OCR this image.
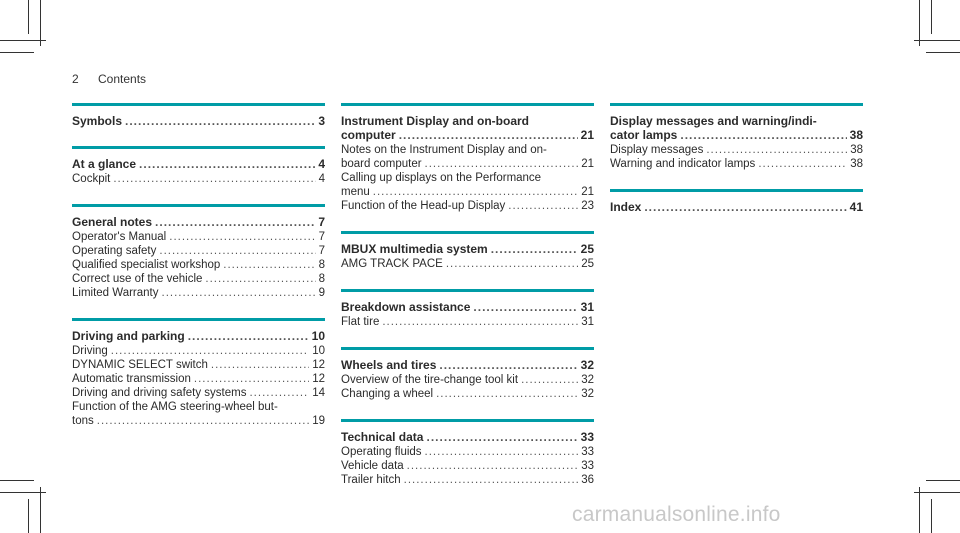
2 Contents
Symbols .....	3
At a glance .....	4
Cockpit .....	4
General notes .....	7
Operator's Manual .....	7
Operating safety .....	7
Qualified specialist workshop .....	8
Correct use of the vehicle .....	8
Limited Warranty .....	9
Driving and parking .....	10
Driving .....	10
DYNAMIC SELECT switch .....	12
Automatic transmission .....	12
Driving and driving safety systems .....	14
Function of the AMG steering-wheel but-
tons .....	19
Instrument Display and on-board
computer .....	21
Notes on the Instrument Display and on-
board computer .....	21
Calling up displays on the Performance
menu .....	21
Function of the Head-up Display .....	23
MBUX multimedia system .....	25
AMG TRACK PACE .....	25
Breakdown assistance .....	31
Flat tire .....	31
Wheels and tires .....	32
Overview of the tire-change tool kit .....	32
Changing a wheel .....	32
Technical data .....	33
Operating fluids .....	33
Vehicle data .....	33
Trailer hitch .....	36
Display messages and warning/indi-
cator lamps .....	38
Display messages .....	38
Warning and indicator lamps .....	38
Index .....	41
carmanualsonline.info
